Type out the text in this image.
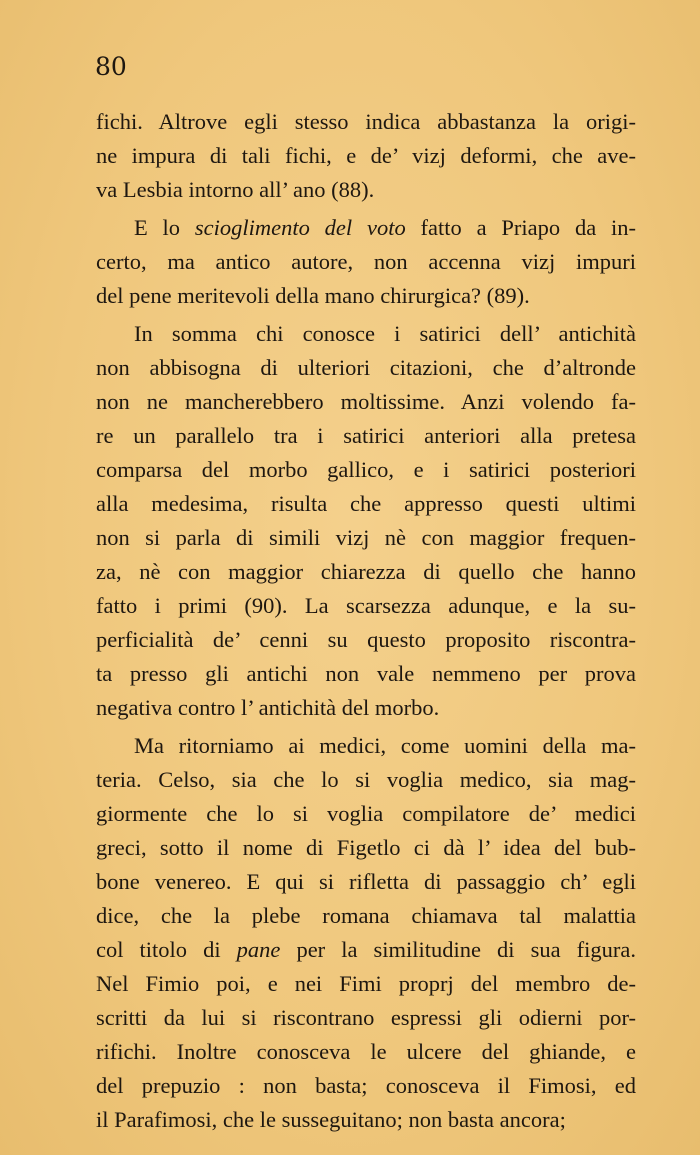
80
fichi. Altrove egli stesso indica abbastanza la origi-
ne impura di tali fichi, e de’ vizj deformi, che ave-
va Lesbia intorno all’ ano (88).
E lo scioglimento del voto fatto a Priapo da in-
certo, ma antico autore, non accenna vizj impuri
del pene meritevoli della mano chirurgica? (89).
In somma chi conosce i satirici dell’ antichità
non abbisogna di ulteriori citazioni, che d’altronde
non ne mancherebbero moltissime. Anzi volendo fa-
re un parallelo tra i satirici anteriori alla pretesa
comparsa del morbo gallico, e i satirici posteriori
alla medesima, risulta che appresso questi ultimi
non si parla di simili vizj nè con maggior frequen-
za, nè con maggior chiarezza di quello che hanno
fatto i primi (90). La scarsezza adunque, e la su-
perficialità de’ cenni su questo proposito riscontra-
ta presso gli antichi non vale nemmeno per prova
negativa contro l’ antichità del morbo.
Ma ritorniamo ai medici, come uomini della ma-
teria. Celso, sia che lo si voglia medico, sia mag-
giormente che lo si voglia compilatore de’ medici
greci, sotto il nome di Figetlo ci dà l’ idea del bub-
bone venereo. E qui si rifletta di passaggio ch’ egli
dice, che la plebe romana chiamava tal malattia
col titolo di pane per la similitudine di sua figura.
Nel Fimio poi, e nei Fimi proprj del membro de-
scritti da lui si riscontrano espressi gli odierni por-
rifichi. Inoltre conosceva le ulcere del ghiande, e
del prepuzio : non basta; conosceva il Fimosi, ed
il Parafimosi, che le susseguitano; non basta ancora;
